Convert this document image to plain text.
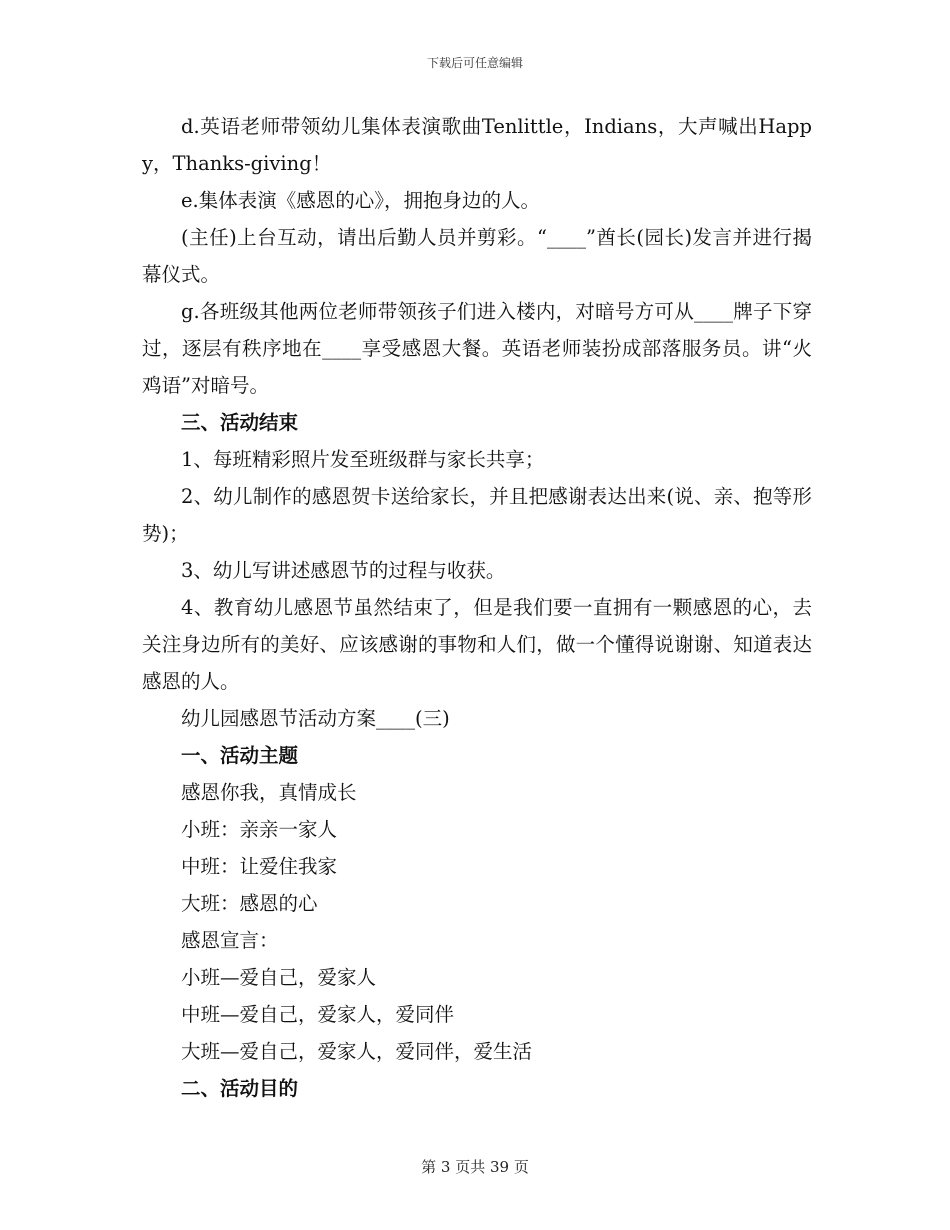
下载后可任意编辑

d.英语老师带领幼儿集体表演歌曲Tenlittle，Indians，大声喊出Happy，Thanks-giving！

e.集体表演《感恩的心》，拥抱身边的人。

(主任)上台互动，请出后勤人员并剪彩。“____”酋长(园长)发言并进行揭幕仪式。

g.各班级其他两位老师带领孩子们进入楼内，对暗号方可从____牌子下穿过，逐层有秩序地在____享受感恩大餐。英语老师装扮成部落服务员。讲“火鸡语”对暗号。

三、活动结束

1、每班精彩照片发至班级群与家长共享；

2、幼儿制作的感恩贺卡送给家长，并且把感谢表达出来(说、亲、抱等形势)；

3、幼儿写讲述感恩节的过程与收获。

4、教育幼儿感恩节虽然结束了，但是我们要一直拥有一颗感恩的心，去关注身边所有的美好、应该感谢的事物和人们，做一个懂得说谢谢、知道表达感恩的人。

幼儿园感恩节活动方案____(三)

一、活动主题

感恩你我，真情成长

小班：亲亲一家人

中班：让爱住我家

大班：感恩的心

感恩宣言：

小班—爱自己，爱家人

中班—爱自己，爱家人，爱同伴

大班—爱自己，爱家人，爱同伴，爱生活

二、活动目的

第 3 页共 39 页
